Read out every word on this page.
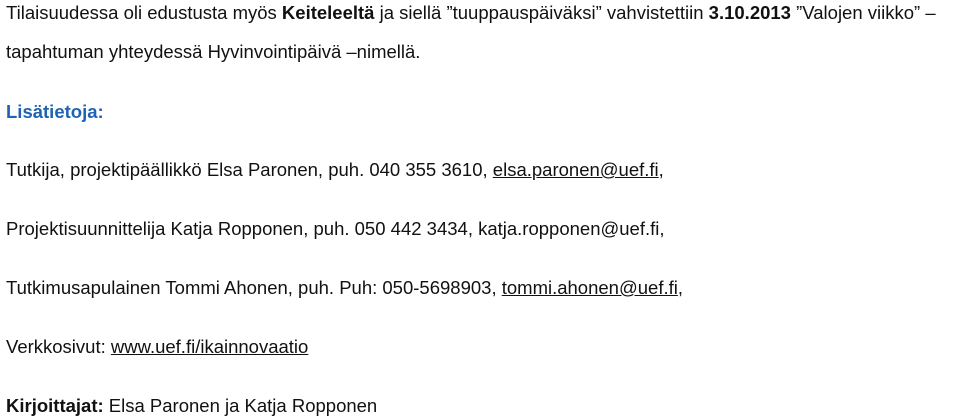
Tilaisuudessa oli edustusta myös Keiteleeltä ja siellä ”tuuppauspäiväksi” vahvistettiin 3.10.2013 ”Valojen viikko” –
tapahtuman yhteydessä Hyvinvointipäivä –nimellä.
Lisätietoja:
Tutkija, projektipäällikkö Elsa Paronen, puh. 040 355 3610, elsa.paronen@uef.fi,
Projektisuunnittelija Katja Ropponen, puh. 050 442 3434, katja.ropponen@uef.fi,
Tutkimusapulainen Tommi Ahonen, puh. Puh: 050-5698903, tommi.ahonen@uef.fi,
Verkkosivut: www.uef.fi/ikainnovaatio
Kirjoittajat: Elsa Paronen ja Katja Ropponen
